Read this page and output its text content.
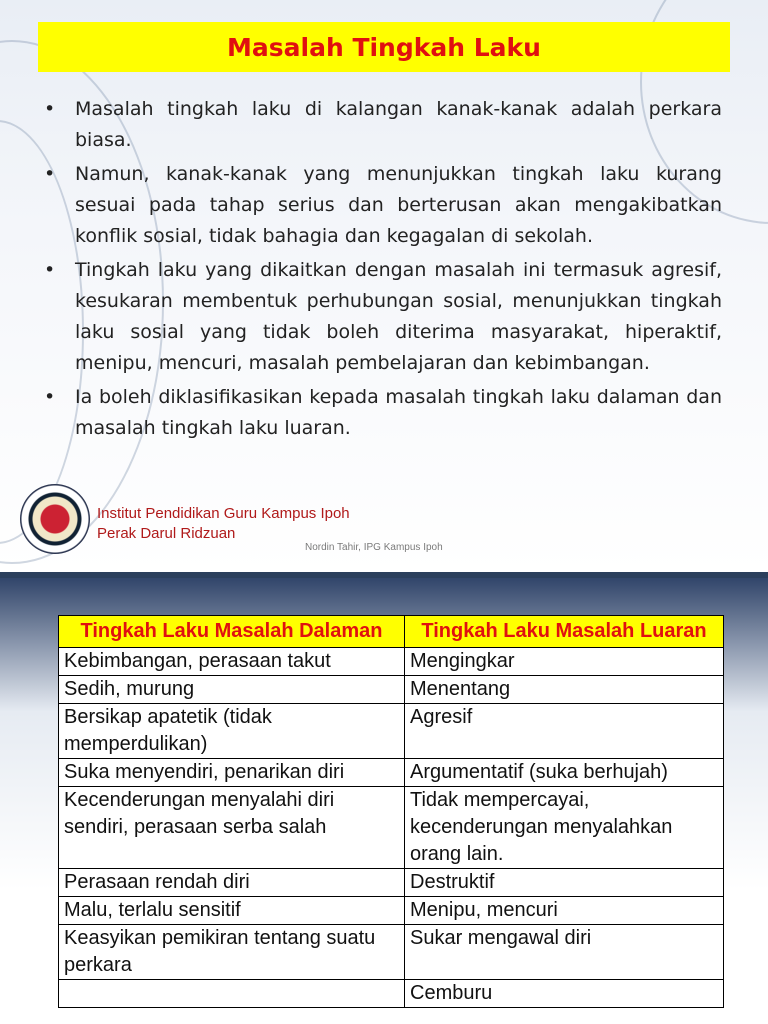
Masalah Tingkah Laku
• Masalah tingkah laku di kalangan kanak-kanak adalah perkara biasa.
• Namun, kanak-kanak yang menunjukkan tingkah laku kurang sesuai pada tahap serius dan berterusan akan mengakibatkan konflik sosial, tidak bahagia dan kegagalan di sekolah.
• Tingkah laku yang dikaitkan dengan masalah ini termasuk agresif, kesukaran membentuk perhubungan sosial, menunjukkan tingkah laku sosial yang tidak boleh diterima masyarakat, hiperaktif, menipu, mencuri, masalah pembelajaran dan kebimbangan.
• Ia boleh diklasifikasikan kepada masalah tingkah laku dalaman dan masalah tingkah laku luaran.
Institut Pendidikan Guru Kampus Ipoh
Perak Darul Ridzuan
Nordin Tahir, IPG Kampus Ipoh
Tingkah Laku Masalah Dalaman	Tingkah Laku Masalah Luaran
Kebimbangan, perasaan takut	Mengingkar
Sedih, murung	Menentang
Bersikap apatetik (tidak memperdulikan)	Agresif
Suka menyendiri, penarikan diri	Argumentatif (suka berhujah)
Kecenderungan menyalahi diri sendiri, perasaan serba salah	Tidak mempercayai, kecenderungan menyalahkan orang lain.
Perasaan rendah diri	Destruktif
Malu, terlalu sensitif	Menipu, mencuri
Keasyikan pemikiran tentang suatu perkara	Sukar mengawal diri
	Cemburu
